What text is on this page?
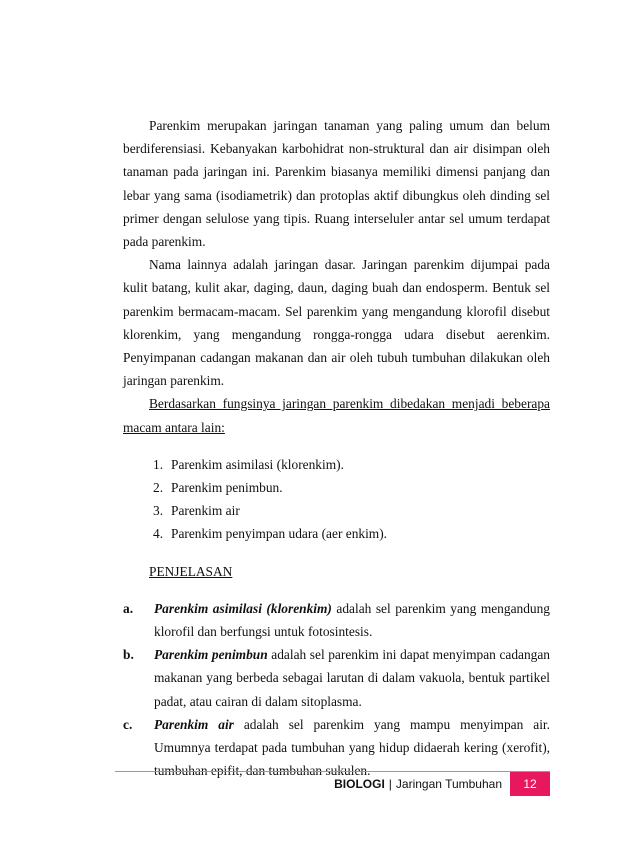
Parenkim merupakan jaringan tanaman yang paling umum dan belum berdiferensiasi. Kebanyakan karbohidrat non-struktural dan air disimpan oleh tanaman pada jaringan ini. Parenkim biasanya memiliki dimensi panjang dan lebar yang sama (isodiametrik) dan protoplas aktif dibungkus oleh dinding sel primer dengan selulose yang tipis. Ruang interseluler antar sel umum terdapat pada parenkim.

Nama lainnya adalah jaringan dasar. Jaringan parenkim dijumpai pada kulit batang, kulit akar, daging, daun, daging buah dan endosperm. Bentuk sel parenkim bermacam-macam. Sel parenkim yang mengandung klorofil disebut klorenkim, yang mengandung rongga-rongga udara disebut aerenkim. Penyimpanan cadangan makanan dan air oleh tubuh tumbuhan dilakukan oleh jaringan parenkim.

Berdasarkan fungsinya jaringan parenkim dibedakan menjadi beberapa macam antara lain:

1. Parenkim asimilasi (klorenkim).
2. Parenkim penimbun.
3. Parenkim air
4. Parenkim penyimpan udara (aer enkim).

PENJELASAN

a. Parenkim asimilasi (klorenkim) adalah sel parenkim yang mengandung klorofil dan berfungsi untuk fotosintesis.
b. Parenkim penimbun adalah sel parenkim ini dapat menyimpan cadangan makanan yang berbeda sebagai larutan di dalam vakuola, bentuk partikel padat, atau cairan di dalam sitoplasma.
c. Parenkim air adalah sel parenkim yang mampu menyimpan air. Umumnya terdapat pada tumbuhan yang hidup didaerah kering (xerofit), tumbuhan epifit, dan tumbuhan sukulen.
BIOLOGI | Jaringan Tumbuhan	12
